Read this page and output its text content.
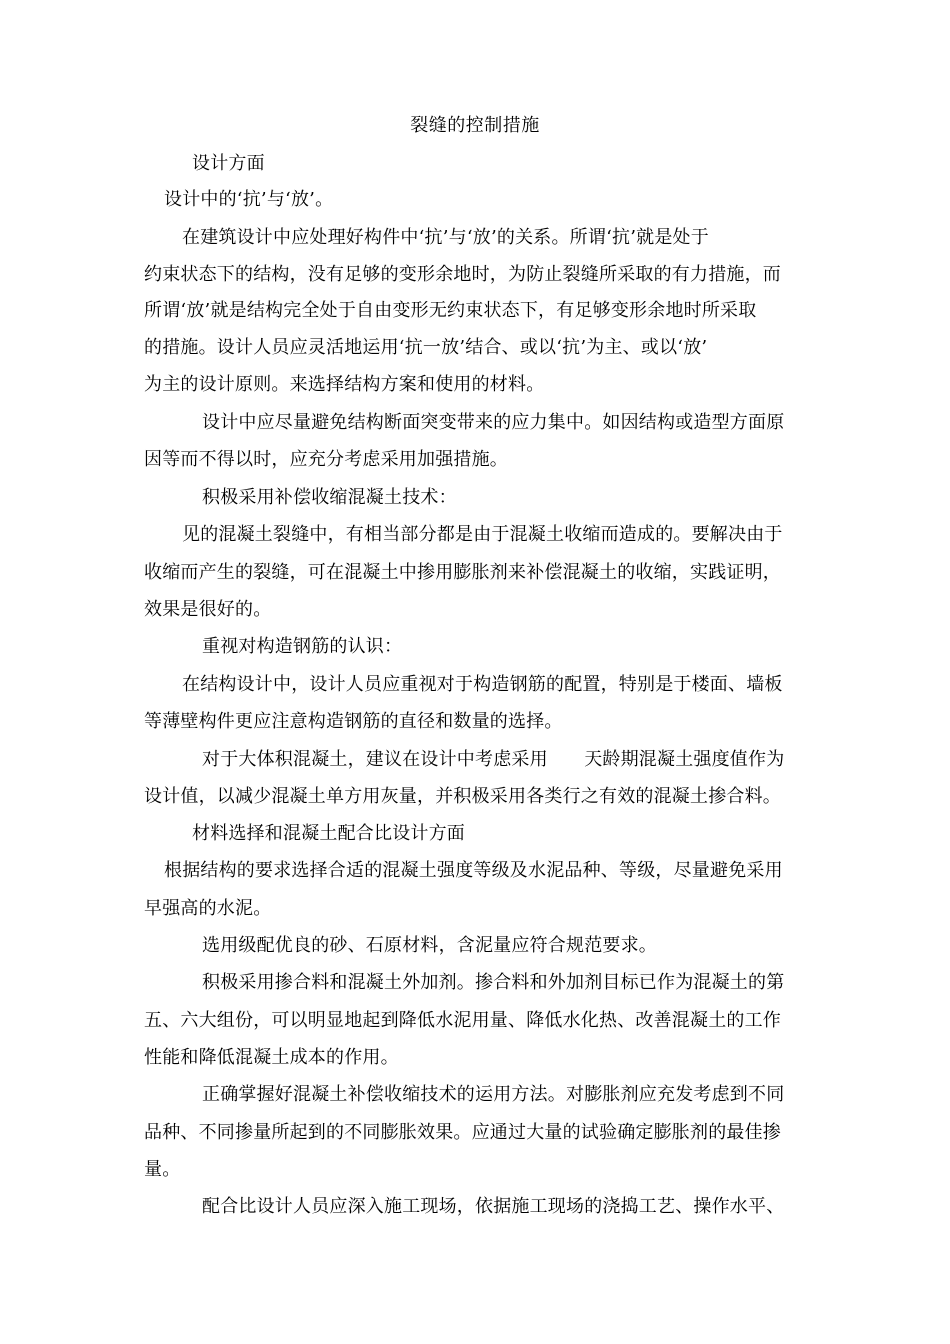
裂缝的控制措施
设计方面
设计中的‘抗’与‘放’。
在建筑设计中应处理好构件中‘抗’与‘放’的关系。所谓‘抗’就是处于
约束状态下的结构，没有足够的变形余地时，为防止裂缝所采取的有力措施，而
所谓‘放’就是结构完全处于自由变形无约束状态下，有足够变形余地时所采取
的措施。设计人员应灵活地运用‘抗一放’结合、或以‘抗’为主、或以‘放’
为主的设计原则。来选择结构方案和使用的材料。
设计中应尽量避免结构断面突变带来的应力集中。如因结构或造型方面原
因等而不得以时，应充分考虑采用加强措施。
积极采用补偿收缩混凝土技术：
见的混凝土裂缝中，有相当部分都是由于混凝土收缩而造成的。要解决由于
收缩而产生的裂缝，可在混凝土中掺用膨胀剂来补偿混凝土的收缩，实践证明，
效果是很好的。
重视对构造钢筋的认识：
在结构设计中，设计人员应重视对于构造钢筋的配置，特别是于楼面、墙板
等薄壁构件更应注意构造钢筋的直径和数量的选择。
对于大体积混凝土，建议在设计中考虑采用　　天龄期混凝土强度值作为
设计值，以减少混凝土单方用灰量，并积极采用各类行之有效的混凝土掺合料。
材料选择和混凝土配合比设计方面
根据结构的要求选择合适的混凝土强度等级及水泥品种、等级，尽量避免采用
早强高的水泥。
选用级配优良的砂、石原材料，含泥量应符合规范要求。
积极采用掺合料和混凝土外加剂。掺合料和外加剂目标已作为混凝土的第
五、六大组份，可以明显地起到降低水泥用量、降低水化热、改善混凝土的工作
性能和降低混凝土成本的作用。
正确掌握好混凝土补偿收缩技术的运用方法。对膨胀剂应充发考虑到不同
品种、不同掺量所起到的不同膨胀效果。应通过大量的试验确定膨胀剂的最佳掺
量。
配合比设计人员应深入施工现场，依据施工现场的浇捣工艺、操作水平、
